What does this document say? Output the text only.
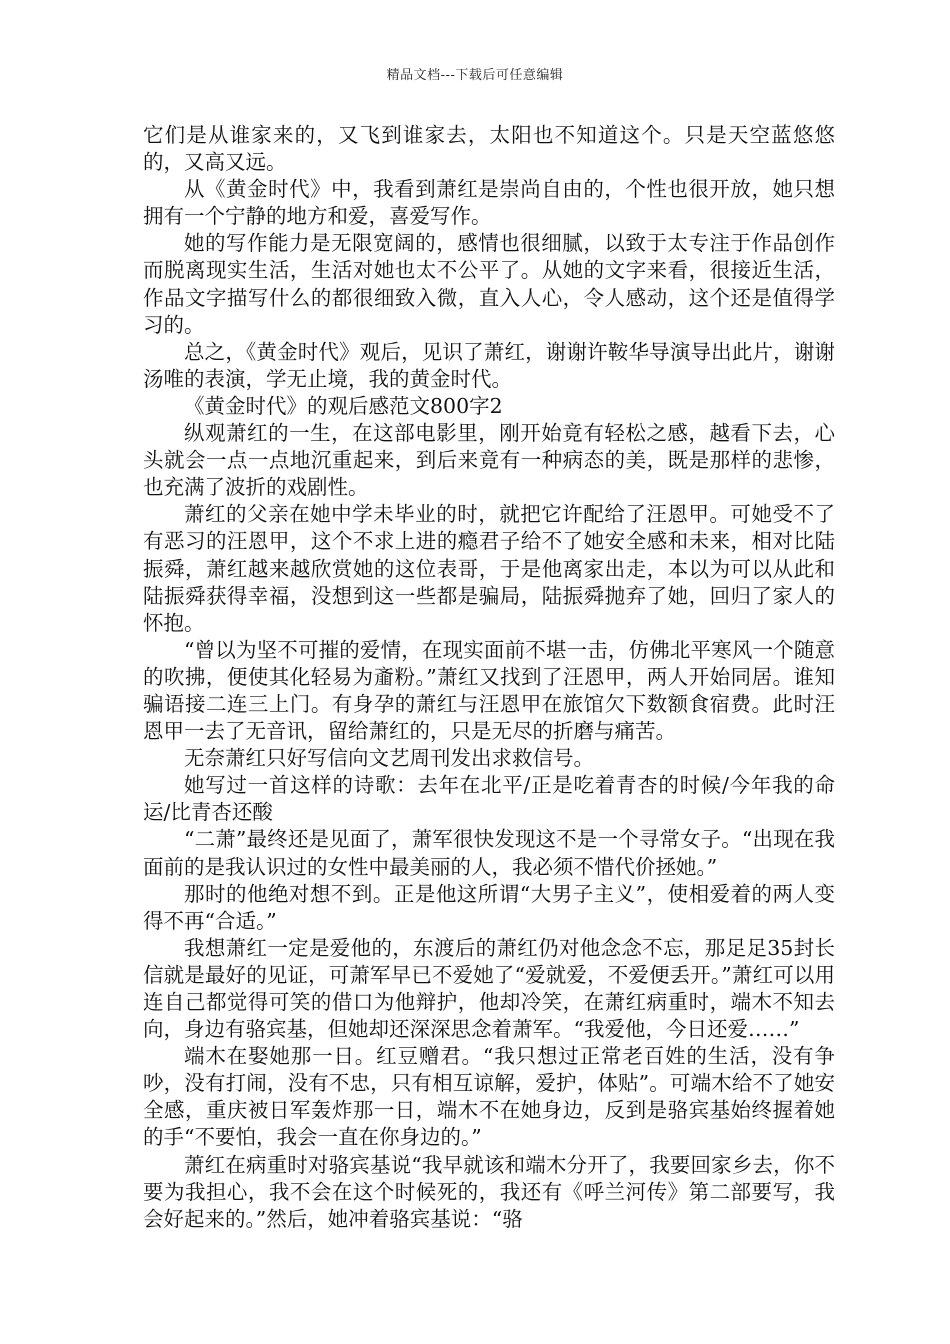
精品文档---下载后可任意编辑

它们是从谁家来的，又飞到谁家去，太阳也不知道这个。只是天空蓝悠悠的，又高又远。

从《黄金时代》中，我看到萧红是崇尚自由的，个性也很开放，她只想拥有一个宁静的地方和爱，喜爱写作。

她的写作能力是无限宽阔的，感情也很细腻，以致于太专注于作品创作而脱离现实生活，生活对她也太不公平了。从她的文字来看，很接近生活，作品文字描写什么的都很细致入微，直入人心，令人感动，这个还是值得学习的。

总之，《黄金时代》观后，见识了萧红，谢谢许鞍华导演导出此片，谢谢汤唯的表演，学无止境，我的黄金时代。

《黄金时代》的观后感范文800字2

纵观萧红的一生，在这部电影里，刚开始竟有轻松之感，越看下去，心头就会一点一点地沉重起来，到后来竟有一种病态的美，既是那样的悲惨，也充满了波折的戏剧性。

萧红的父亲在她中学未毕业的时，就把它许配给了汪恩甲。可她受不了有恶习的汪恩甲，这个不求上进的瘾君子给不了她安全感和未来，相对比陆振舜，萧红越来越欣赏她的这位表哥，于是他离家出走，本以为可以从此和陆振舜获得幸福，没想到这一些都是骗局，陆振舜抛弃了她，回归了家人的怀抱。

“曾以为坚不可摧的爱情，在现实面前不堪一击，仿佛北平寒风一个随意的吹拂，便使其化轻易为齑粉。”萧红又找到了汪恩甲，两人开始同居。谁知骗语接二连三上门。有身孕的萧红与汪恩甲在旅馆欠下数额食宿费。此时汪恩甲一去了无音讯，留给萧红的，只是无尽的折磨与痛苦。

无奈萧红只好写信向文艺周刊发出求救信号。

她写过一首这样的诗歌：去年在北平/正是吃着青杏的时候/今年我的命运/比青杏还酸

“二萧”最终还是见面了，萧军很快发现这不是一个寻常女子。“出现在我面前的是我认识过的女性中最美丽的人，我必须不惜代价拯她。”

那时的他绝对想不到。正是他这所谓“大男子主义”，使相爱着的两人变得不再“合适。”

我想萧红一定是爱他的，东渡后的萧红仍对他念念不忘，那足足35封长信就是最好的见证，可萧军早已不爱她了“爱就爱，不爱便丢开。”萧红可以用连自己都觉得可笑的借口为他辩护，他却冷笑，在萧红病重时，端木不知去向，身边有骆宾基，但她却还深深思念着萧军。“我爱他，今日还爱……”

端木在娶她那一日。红豆赠君。“我只想过正常老百姓的生活，没有争吵，没有打闹，没有不忠，只有相互谅解，爱护，体贴”。可端木给不了她安全感，重庆被日军轰炸那一日，端木不在她身边，反到是骆宾基始终握着她的手“不要怕，我会一直在你身边的。”

萧红在病重时对骆宾基说“我早就该和端木分开了，我要回家乡去，你不要为我担心，我不会在这个时候死的，我还有《呼兰河传》第二部要写，我会好起来的。”然后，她冲着骆宾基说：“骆
